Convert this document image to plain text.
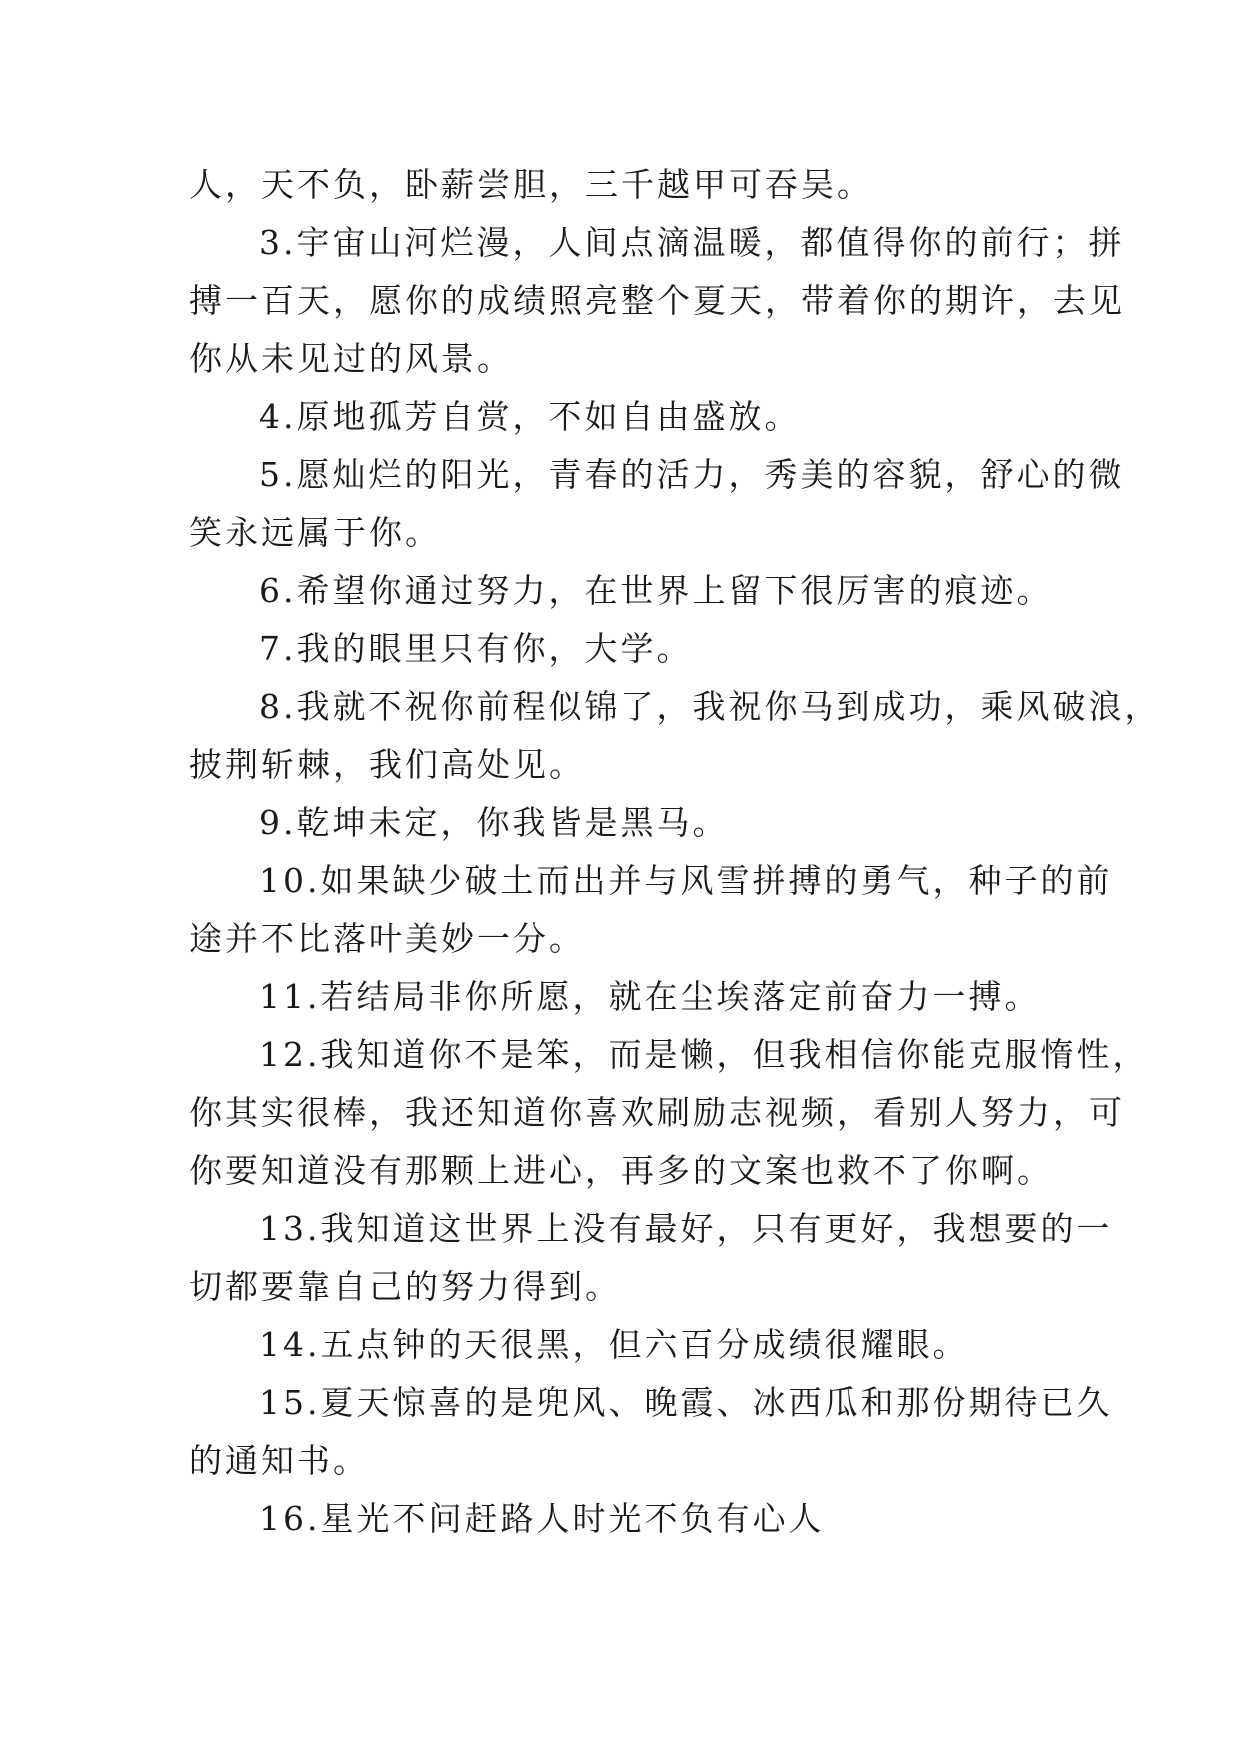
人，天不负，卧薪尝胆，三千越甲可吞吴。
3.宇宙山河烂漫，人间点滴温暖，都值得你的前行；拼
搏一百天，愿你的成绩照亮整个夏天，带着你的期许，去见
你从未见过的风景。
4.原地孤芳自赏，不如自由盛放。
5.愿灿烂的阳光，青春的活力，秀美的容貌，舒心的微
笑永远属于你。
6.希望你通过努力，在世界上留下很厉害的痕迹。
7.我的眼里只有你，大学。
8.我就不祝你前程似锦了，我祝你马到成功，乘风破浪，
披荆斩棘，我们高处见。
9.乾坤未定，你我皆是黑马。
10.如果缺少破土而出并与风雪拼搏的勇气，种子的前
途并不比落叶美妙一分。
11.若结局非你所愿，就在尘埃落定前奋力一搏。
12.我知道你不是笨，而是懒，但我相信你能克服惰性，
你其实很棒，我还知道你喜欢刷励志视频，看别人努力，可
你要知道没有那颗上进心，再多的文案也救不了你啊。
13.我知道这世界上没有最好，只有更好，我想要的一
切都要靠自己的努力得到。
14.五点钟的天很黑，但六百分成绩很耀眼。
15.夏天惊喜的是兜风、晚霞、冰西瓜和那份期待已久
的通知书。
16.星光不问赶路人时光不负有心人
